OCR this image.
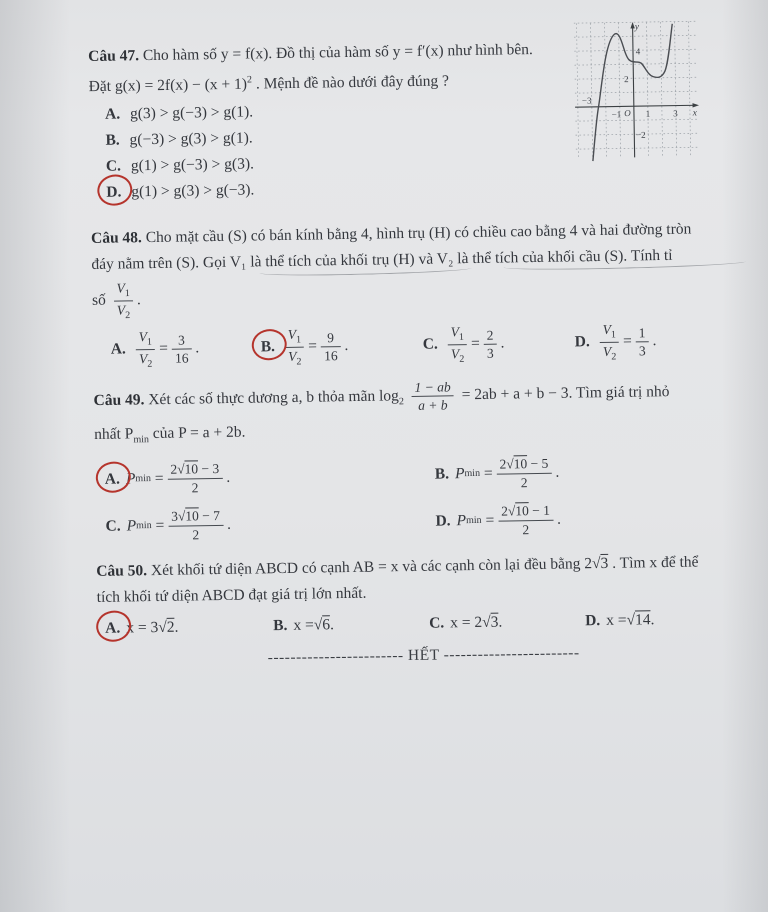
Câu 47. Cho hàm số y = f(x). Đồ thị của hàm số y = f′(x) như hình bên.

Đặt $g(x) = 2f(x) - (x + 1)^2$ . Mệnh đề nào dưới đây đúng ?

A. g(3) > g(−3) > g(1).
B. g(−3) > g(3) > g(1).
C. g(1) > g(−3) > g(3).
D. g(1) > g(3) > g(−3).
y
x
O
4
2
−2
−3
−1	1	3

Câu 48. Cho mặt cầu (S) có bán kính bằng 4, hình trụ (H) có chiều cao bằng 4 và hai đường tròn

đáy nằm trên (S). Gọi V₁ là thể tích của khối trụ (H) và V₂ là thể tích của khối cầu (S). Tính tỉ

số $\frac{V_1}{V_2}$ .

A. $\frac{V_1}{V_2} = \frac{3}{16}$ .	B. $\frac{V_1}{V_2} = \frac{9}{16}$ .	C. $\frac{V_1}{V_2} = \frac{2}{3}$ .	D. $\frac{V_1}{V_2} = \frac{1}{3}$ .

Câu 49. Xét các số thực dương a, b thỏa mãn $\log_2 \frac{1 - ab}{a + b} = 2ab + a + b - 3$. Tìm giá trị nhỏ

nhất $P_{min}$ của P = a + 2b.

A. P min
= $\frac{2√10 - 3}{2}$ .	B. P min
= $\frac{2√10 - 5}{2}$ .
C. P min
= $\frac{3√10 - 7}{2}$ .	D. P min
= $\frac{2√10 - 1}{2}$ .

Câu 50. Xét khối tứ diện ABCD có cạnh AB = x và các cạnh còn lại đều bằng 2√3 . Tìm x để thể

tích khối tứ diện ABCD đạt giá trị lớn nhất.

A. x = 3 √ 2 .	B. x = √ 6 .	C. x = 2 √ 3 .	D. x = √ 14 .

------------------------ HẾT ------------------------
